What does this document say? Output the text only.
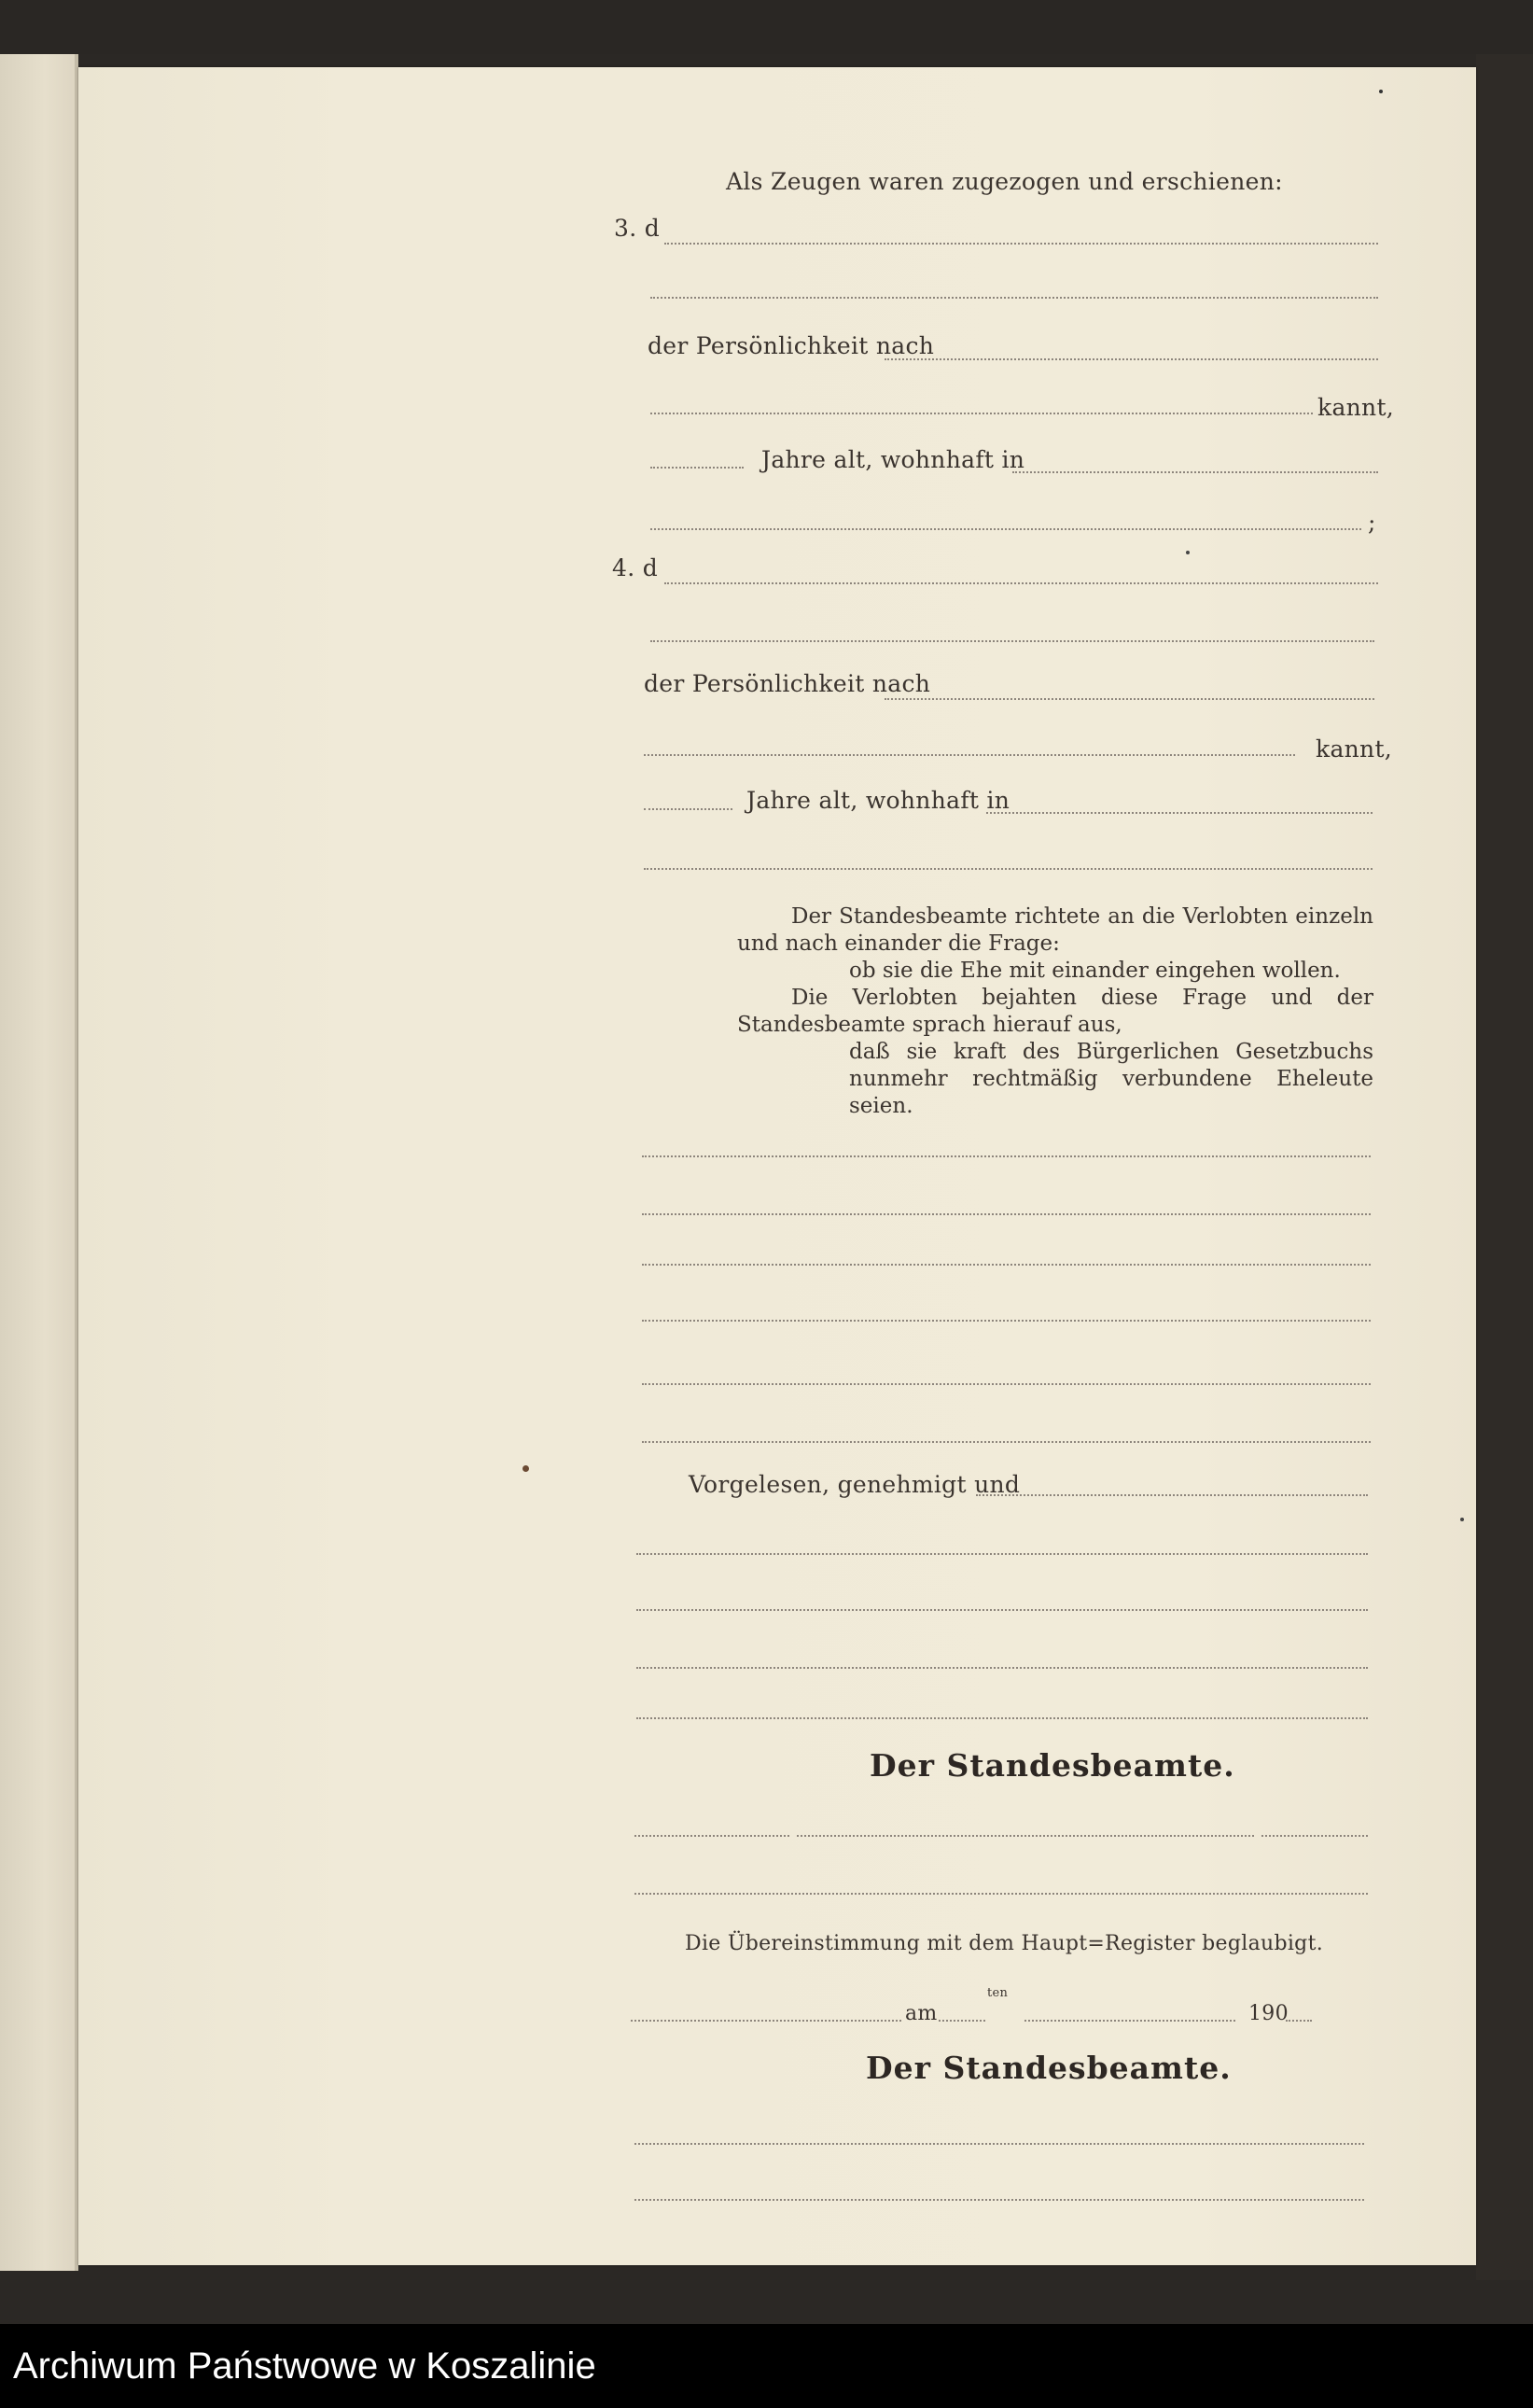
Als Zeugen waren zugezogen und erschienen:
3. d
der Persönlichkeit nach
kannt,
Jahre alt, wohnhaft in
;
4. d
der Persönlichkeit nach
kannt,
Jahre alt, wohnhaft in

Der Standesbeamte richtete an die Verlobten einzeln und nach einander die Frage:

ob sie die Ehe mit einander eingehen wollen.

Die Verlobten bejahten diese Frage und der Standesbeamte sprach hierauf aus,

daß sie kraft des Bürgerlichen Gesetzbuchs nunmehr rechtmäßig verbundene Eheleute seien.

Vorgelesen, genehmigt und
Der Standesbeamte.
Die Übereinstimmung mit dem Haupt=Register beglaubigt.
am
ten
190
Der Standesbeamte.
Archiwum Państwowe w Koszalinie
